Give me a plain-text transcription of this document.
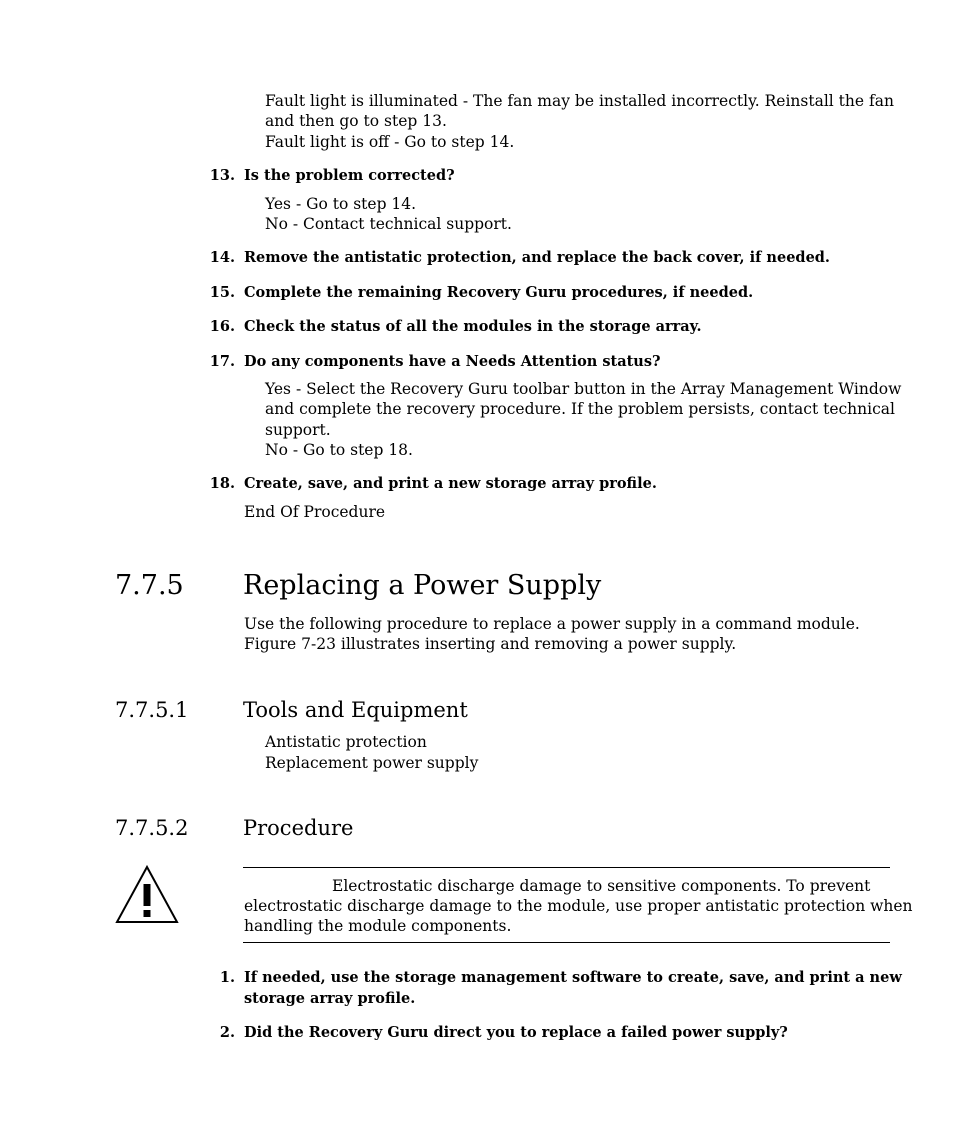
Fault light is illuminated - The fan may be installed incorrectly. Reinstall the fan
and then go to step 13.
Fault light is off - Go to step 14.
13. Is the problem corrected?
Yes - Go to step 14.
No - Contact technical support.
14. Remove the antistatic protection, and replace the back cover, if needed.
15. Complete the remaining Recovery Guru procedures, if needed.
16. Check the status of all the modules in the storage array.
17. Do any components have a Needs Attention status?
Yes - Select the Recovery Guru toolbar button in the Array Management Window
and complete the recovery procedure. If the problem persists, contact technical
support.
No - Go to step 18.
18. Create, save, and print a new storage array profile.
End Of Procedure
7.7.5 Replacing a Power Supply
Use the following procedure to replace a power supply in a command module.
Figure 7-23 illustrates inserting and removing a power supply.
7.7.5.1	Tools and Equipment
Antistatic protection
Replacement power supply
7.7.5.2	Procedure
Electrostatic discharge damage to sensitive components. To prevent
electrostatic discharge damage to the module, use proper antistatic protection when
handling the module components.
1. If needed, use the storage management software to create, save, and print a new
storage array profile.
2. Did the Recovery Guru direct you to replace a failed power supply?
